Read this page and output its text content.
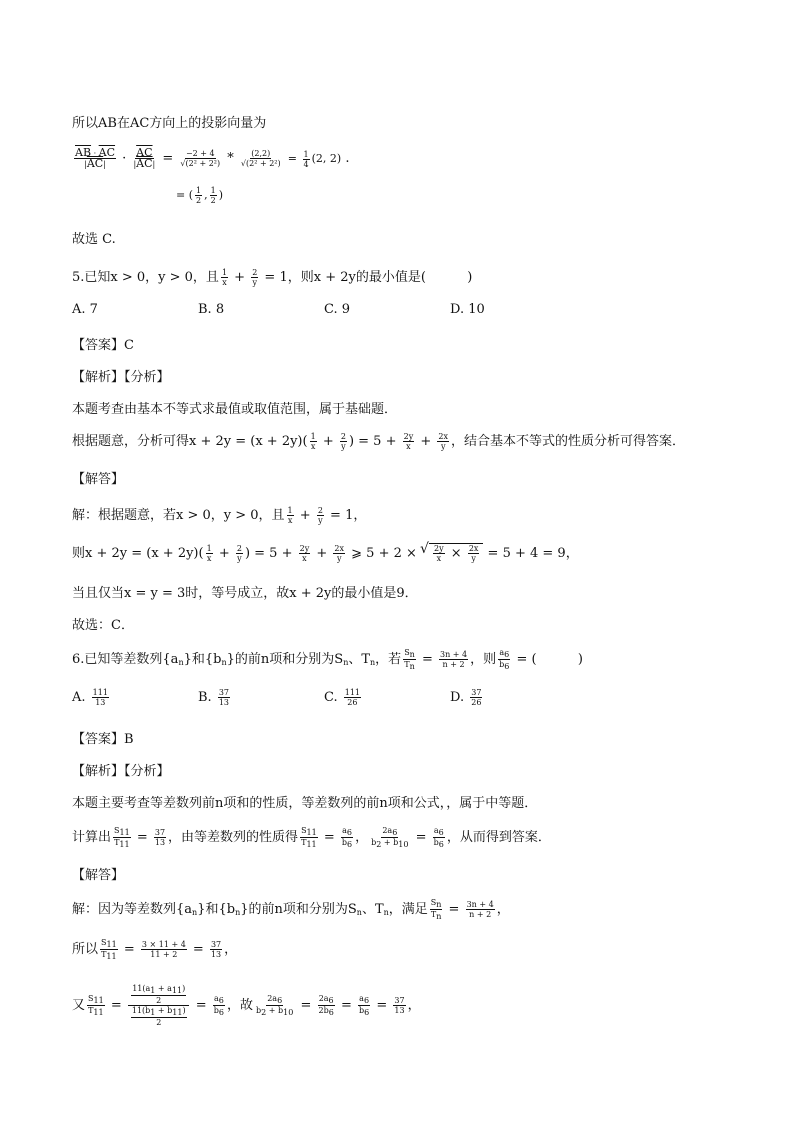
所以AB在AC方向上的投影向量为
$\frac{\overline{AB} \cdot \overline{AC}}{|\overline{AC}|} \cdot \frac{\overline{AC}}{|\overline{AC}|} = \frac{-2 + 4}{\text{√(2² + 2²)}} * \frac{(2,2)}{\text{√(2² + 2²)}} = \frac{1}{4} (2$, 2) .
= ( $\frac{1}{2}$ , $\frac{1}{2}$ )
故选 C.
5.已知x > 0，y > 0，且 $\frac{1}{x} + \frac{2}{y} = 1$，则x + 2y的最小值是(          )
A. 7	B. 8	C. 9	D. 10
【答案】C
【解析】【分析】
本题考查由基本不等式求最值或取值范围，属于基础题．
根据题意，分析可得$x + 2y = (x + 2y)( \frac{1}{x} + \frac{2}{y}$ ) = $5 + \frac{2y}{x} + \frac{2x}{y}$ ，结合基本不等式的性质分析可得答案．
【解答】
解：根据题意，若x > 0，y > 0，且 $\frac{1}{x} + \frac{2}{y} = 1$，
则$x + 2y = (x + 2y)( \frac{1}{x} + \frac{2}{y}$ ) = $5 + \frac{2y}{x} + \frac{2x}{y}$ ⩾ 5 + 2 × √ $\frac{2y}{x} \times \frac{2x}{y} = 5 + 4 = 9$，
当且仅当x = y = 3时，等号成立，故x + 2y的最小值是9．
故选：C．
6.已知等差数列$\{a_n\}$和$\{b_n\}$的前n项和分别为$S_n$、$T_n$，若 $\frac{Sn}{Tn} = \frac{3n + 4}{n + 2}$ ，则 $\frac{a6}{b6}$ = (          )
A. $\frac{111}{13}$	B. $\frac{37}{13}$	C. $\frac{111}{26}$	D. $\frac{37}{26}$
【答案】B
【解析】【分析】
本题主要考查等差数列前n项和的性质，等差数列的前n项和公式，，属于中等题．
计算出 $\frac{S11}{T11} = \frac{37}{13}$ ，由等差数列的性质得 $\frac{S11}{T11} = \frac{a6}{b6}$ ， $\frac{2a6}{b2 + b10} = \frac{a6}{b6}$ ，从而得到答案．
【解答】
解：因为等差数列$\{a_n\}$和$\{b_n\}$的前n项和分别为$S_n$、$T_n$，满足 $\frac{Sn}{Tn} = \frac{3n + 4}{n + 2}$ ，
所以 $\frac{S11}{T11} = \frac{3 \times 11 + 4}{11 + 2} = \frac{37}{13}$ ，
又 $\frac{S11}{T11} = \frac{\frac{11(a1 + a11)}{2}}{\frac{11(b1 + b11)}{2}} = \frac{a6}{b6}$ ，故 $\frac{2a6}{b2 + b10} = \frac{2a6}{2b6} = \frac{a6}{b6} = \frac{37}{13}$ ，
